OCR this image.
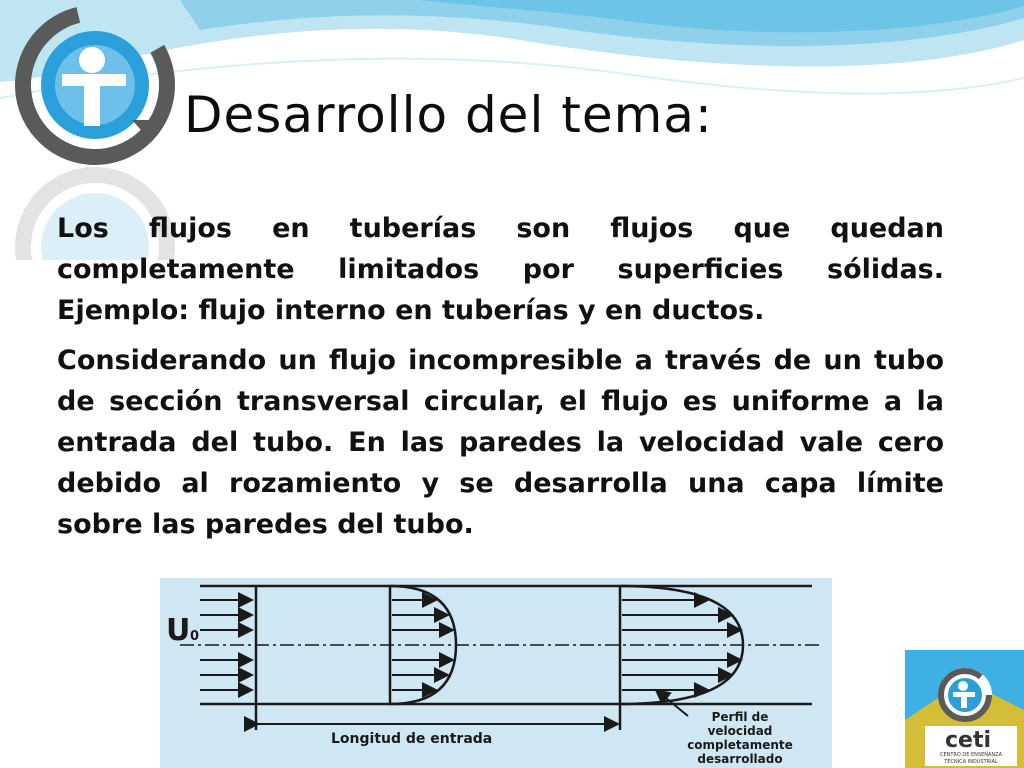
Desarrollo del tema:

Los flujos en tuberías son flujos que quedan completamente limitados por superficies sólidas. Ejemplo: flujo interno en tuberías y en ductos.

Considerando un flujo incompresible a través de un tubo de sección transversal circular, el flujo es uniforme a la entrada del tubo. En las paredes la velocidad vale cero debido al rozamiento y se desarrolla una capa límite sobre las paredes del tubo.

U 0
Longitud de entrada
Perfil de
velocidad
completamente
desarrollado
ceti
CENTRO DE ENSEÑANZA
TÉCNICA INDUSTRIAL
